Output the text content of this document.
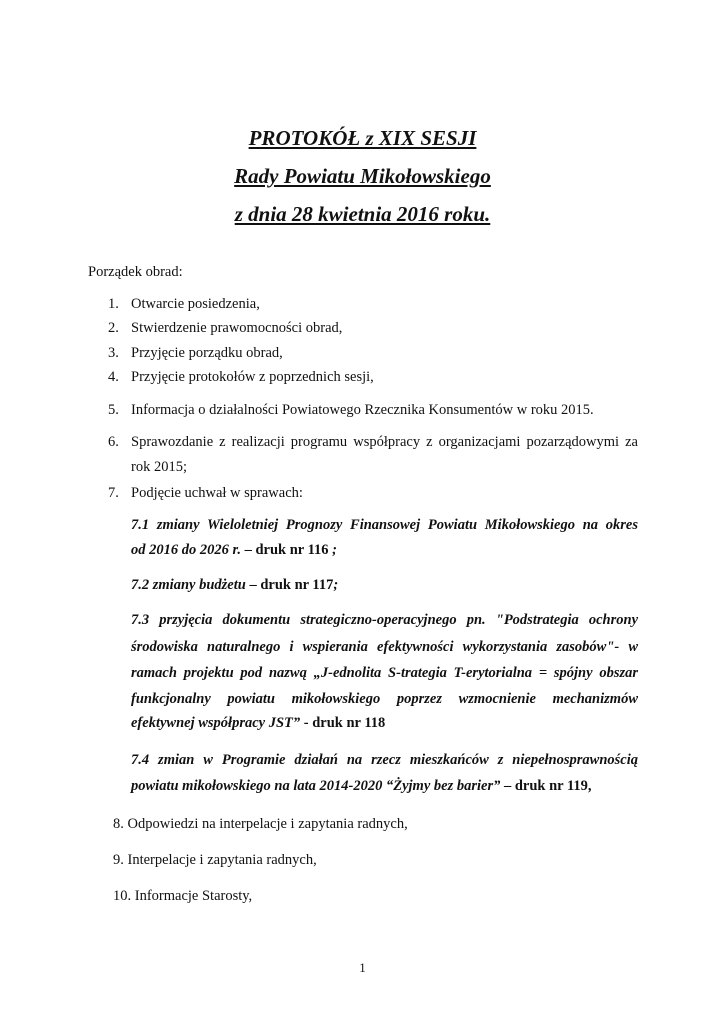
PROTOKÓŁ z XIX SESJI
Rady Powiatu Mikołowskiego
z dnia 28 kwietnia 2016 roku.
Porządek obrad:
1. Otwarcie posiedzenia,
2. Stwierdzenie prawomocności obrad,
3. Przyjęcie porządku obrad,
4. Przyjęcie protokołów z poprzednich sesji,
5. Informacja o działalności Powiatowego Rzecznika Konsumentów w roku 2015.
6. Sprawozdanie z realizacji programu współpracy z organizacjami pozarządowymi za
rok 2015;
7. Podjęcie uchwał w sprawach:
7.1 zmiany Wieloletniej Prognozy Finansowej Powiatu Mikołowskiego na okres
od 2016 do 2026 r. – druk nr 116 ;
7.2 zmiany budżetu – druk nr 117;
7.3 przyjęcia dokumentu strategiczno-operacyjnego pn. "Podstrategia ochrony
środowiska naturalnego i wspierania efektywności wykorzystania zasobów"- w
ramach projektu pod nazwą „J-ednolita S-trategia T-erytorialna = spójny obszar
funkcjonalny powiatu mikołowskiego poprzez wzmocnienie mechanizmów
efektywnej współpracy JST” - druk nr 118
7.4 zmian w Programie działań na rzecz mieszkańców z niepełnosprawnością
powiatu mikołowskiego na lata 2014-2020 “Żyjmy bez barier” – druk nr 119,
8. Odpowiedzi na interpelacje i zapytania radnych,
9. Interpelacje i zapytania radnych,
10. Informacje Starosty,
1
